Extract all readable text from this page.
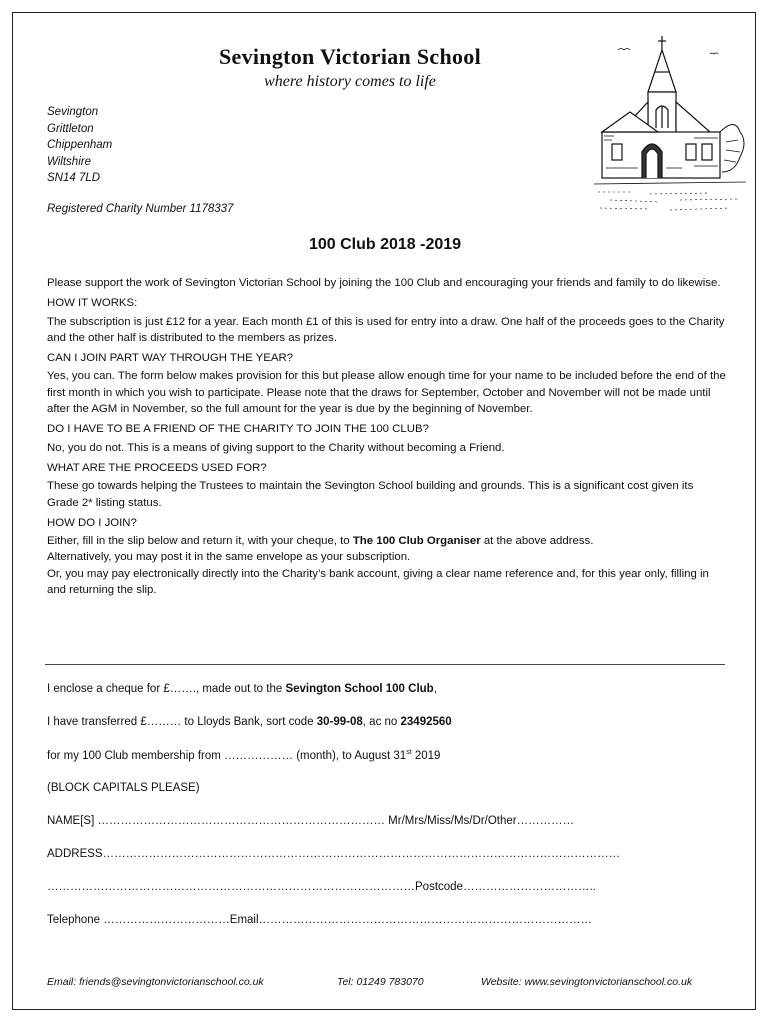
Sevington Victorian School
where history comes to life
Sevington
Grittleton
Chippenham
Wiltshire
SN14 7LD
Registered Charity Number 1178337
100 Club 2018 -2019

Please support the work of Sevington Victorian School by joining the 100 Club and encouraging your friends and family to do likewise.

HOW IT WORKS:

The subscription is just £12 for a year. Each month £1 of this is used for entry into a draw. One half of the proceeds goes to the Charity and the other half is distributed to the members as prizes.

CAN I JOIN PART WAY THROUGH THE YEAR?

Yes, you can. The form below makes provision for this but please allow enough time for your name to be included before the end of the first month in which you wish to participate. Please note that the draws for September, October and November will not be made until after the AGM in November, so the full amount for the year is due by the beginning of November.

DO I HAVE TO BE A FRIEND OF THE CHARITY TO JOIN THE 100 CLUB?

No, you do not. This is a means of giving support to the Charity without becoming a Friend.

WHAT ARE THE PROCEEDS USED FOR?

These go towards helping the Trustees to maintain the Sevington School building and grounds. This is a significant cost given its Grade 2* listing status.

HOW DO I JOIN?

Either, fill in the slip below and return it, with your cheque, to The 100 Club Organiser at the above address.

Alternatively, you may post it in the same envelope as your subscription.

Or, you may pay electronically directly into the Charity’s bank account, giving a clear name reference and, for this year only, filling in and returning the slip.

I enclose a cheque for £……., made out to the Sevington School 100 Club,
I have transferred £……… to Lloyds Bank, sort code 30-99-08, ac no 23492560
for my 100 Club membership from ……………… (month), to August 31st 2019
(BLOCK CAPITALS PLEASE)
NAME[S] ………………………………………………………………… Mr/Mrs/Miss/Ms/Dr/Other……………
ADDRESS………………………………………………………………………………………………………………………
……………………………………………………………………………………Postcode……………………………..
Telephone ……………………………Email……………………………………………………………………………
Email: friends@sevingtonvictorianschool.co.uk	Tel: 01249 783070	Website: www.sevingtonvictorianschool.co.uk
